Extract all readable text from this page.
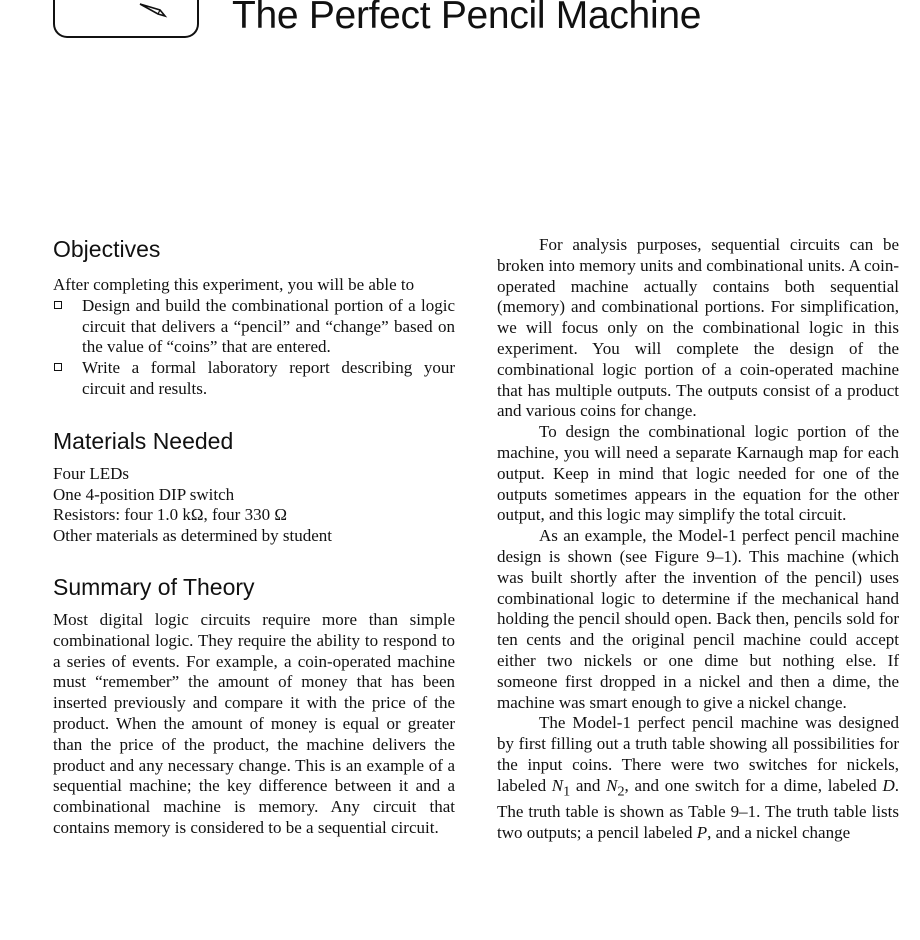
The Perfect Pencil Machine
Objectives

After completing this experiment, you will be able to

Design and build the combinational portion of a logic circuit that delivers a “pencil” and “change” based on the value of “coins” that are entered.
Write a formal laboratory report describing your circuit and results.
Materials Needed
Four LEDs
One 4-position DIP switch
Resistors: four 1.0 kΩ, four 330 Ω
Other materials as determined by student
Summary of Theory

Most digital logic circuits require more than simple combinational logic. They require the ability to respond to a series of events. For example, a coin-operated machine must “remember” the amount of money that has been inserted previously and compare it with the price of the product. When the amount of money is equal or greater than the price of the product, the machine delivers the product and any necessary change. This is an example of a sequential machine; the key difference between it and a combinational machine is memory. Any circuit that contains memory is considered to be a sequential circuit.

For analysis purposes, sequential circuits can be broken into memory units and combinational units. A coin-operated machine actually contains both sequential (memory) and combinational portions. For simplification, we will focus only on the combinational logic in this experiment. You will complete the design of the combinational logic portion of a coin-operated machine that has multiple outputs. The outputs consist of a product and various coins for change.

To design the combinational logic portion of the machine, you will need a separate Karnaugh map for each output. Keep in mind that logic needed for one of the outputs sometimes appears in the equation for the other output, and this logic may simplify the total circuit.

As an example, the Model-1 perfect pencil machine design is shown (see Figure 9–1). This machine (which was built shortly after the invention of the pencil) uses combinational logic to determine if the mechanical hand holding the pencil should open. Back then, pencils sold for ten cents and the original pencil machine could accept either two nickels or one dime but nothing else. If someone first dropped in a nickel and then a dime, the machine was smart enough to give a nickel change.

The Model-1 perfect pencil machine was designed by first filling out a truth table showing all possibilities for the input coins. There were two switches for nickels, labeled $N_1$ and $N_2$, and one switch for a dime, labeled D. The truth table is shown as Table 9–1. The truth table lists two outputs; a pencil labeled P, and a nickel change
